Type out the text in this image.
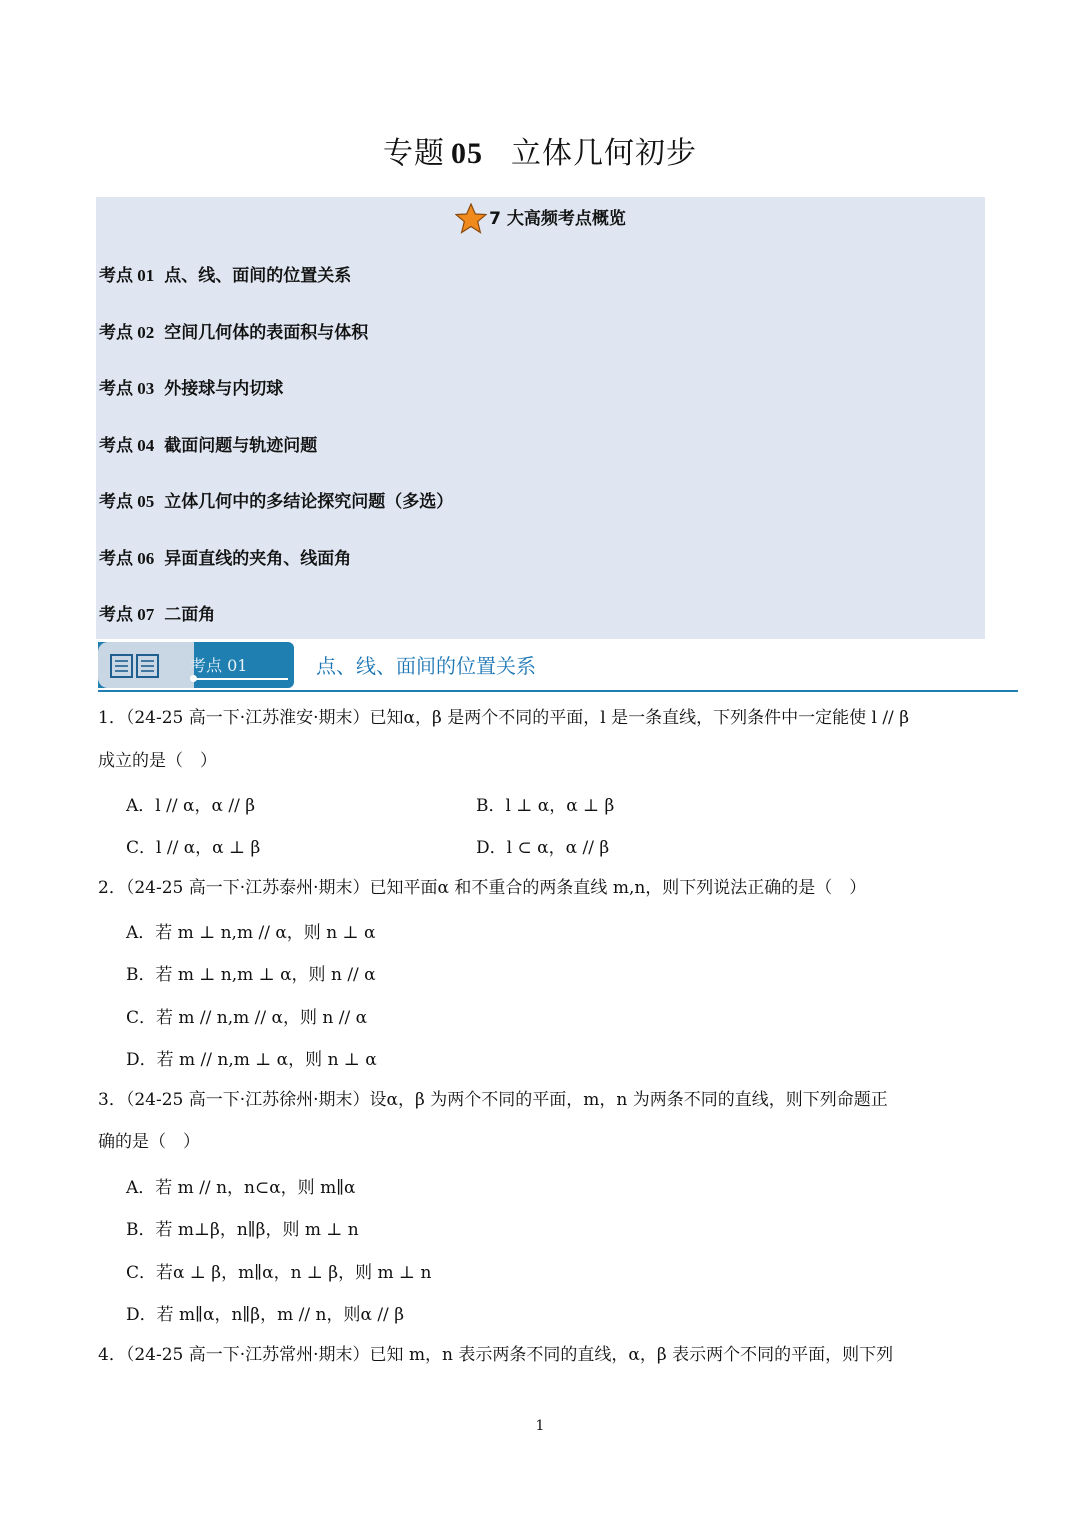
专题 05 立体几何初步
7 大高频考点概览
考点 01 点、线、面间的位置关系
考点 02 空间几何体的表面积与体积
考点 03 外接球与内切球
考点 04 截面问题与轨迹问题
考点 05 立体几何中的多结论探究问题（多选）
考点 06 异面直线的夹角、线面角
考点 07 二面角
考点 01	点、线、面间的位置关系
1．（24-25 高一下·江苏淮安·期末）已知α，β 是两个不同的平面，l 是一条直线，下列条件中一定能使 l // β
成立的是（　）
A．l // α，α // β	B．l ⊥ α，α ⊥ β
C．l // α，α ⊥ β	D．l ⊂ α，α // β
2．（24-25 高一下·江苏泰州·期末）已知平面α 和不重合的两条直线 m,n，则下列说法正确的是（　）
A．若 m ⊥ n,m // α，则 n ⊥ α
B．若 m ⊥ n,m ⊥ α，则 n // α
C．若 m // n,m // α，则 n // α
D．若 m // n,m ⊥ α，则 n ⊥ α
3．（24-25 高一下·江苏徐州·期末）设α，β 为两个不同的平面，m，n 为两条不同的直线，则下列命题正
确的是（　）
A．若 m // n，n⊂α，则 m∥α
B．若 m⊥β，n∥β，则 m ⊥ n
C．若α ⊥ β，m∥α，n ⊥ β，则 m ⊥ n
D．若 m∥α，n∥β，m // n，则α // β
4．（24-25 高一下·江苏常州·期末）已知 m，n 表示两条不同的直线，α，β 表示两个不同的平面，则下列
1
